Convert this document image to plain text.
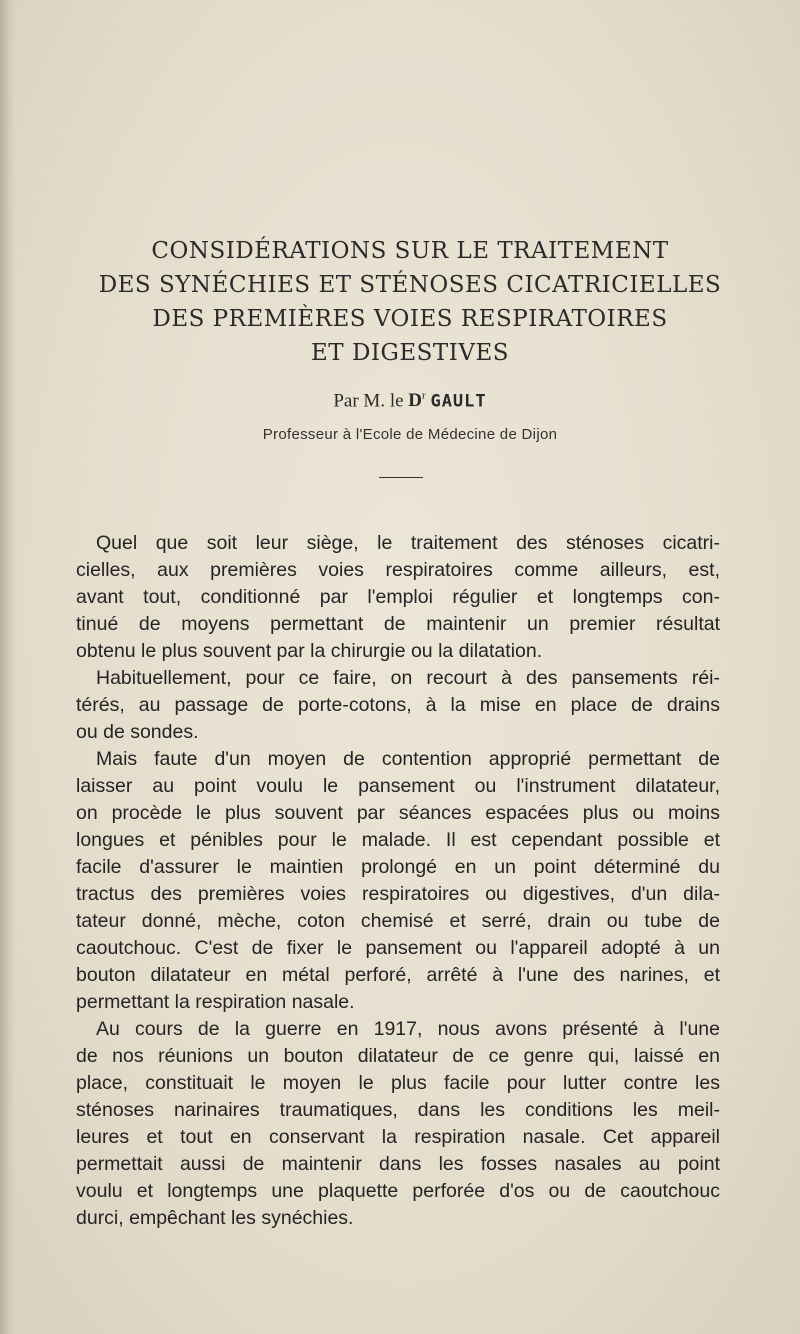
CONSIDÉRATIONS SUR LE TRAITEMENT
DES SYNÉCHIES ET STÉNOSES CICATRICIELLES
DES PREMIÈRES VOIES RESPIRATOIRES
ET DIGESTIVES
Par M. le $D^r$ GAULT
Professeur à l'Ecole de Médecine de Dijon
Quel que soit leur siège, le traitement des sténoses cicatri-
cielles, aux premières voies respiratoires comme ailleurs, est,
avant tout, conditionné par l'emploi régulier et longtemps con-
tinué de moyens permettant de maintenir un premier résultat
obtenu le plus souvent par la chirurgie ou la dilatation.
Habituellement, pour ce faire, on recourt à des pansements réi-
térés, au passage de porte-cotons, à la mise en place de drains
ou de sondes.
Mais faute d'un moyen de contention approprié permettant de
laisser au point voulu le pansement ou l'instrument dilatateur,
on procède le plus souvent par séances espacées plus ou moins
longues et pénibles pour le malade. Il est cependant possible et
facile d'assurer le maintien prolongé en un point déterminé du
tractus des premières voies respiratoires ou digestives, d'un dila-
tateur donné, mèche, coton chemisé et serré, drain ou tube de
caoutchouc. C'est de fixer le pansement ou l'appareil adopté à un
bouton dilatateur en métal perforé, arrêté à l'une des narines, et
permettant la respiration nasale.
Au cours de la guerre en 1917, nous avons présenté à l'une
de nos réunions un bouton dilatateur de ce genre qui, laissé en
place, constituait le moyen le plus facile pour lutter contre les
sténoses narinaires traumatiques, dans les conditions les meil-
leures et tout en conservant la respiration nasale. Cet appareil
permettait aussi de maintenir dans les fosses nasales au point
voulu et longtemps une plaquette perforée d'os ou de caoutchouc
durci, empêchant les synéchies.
